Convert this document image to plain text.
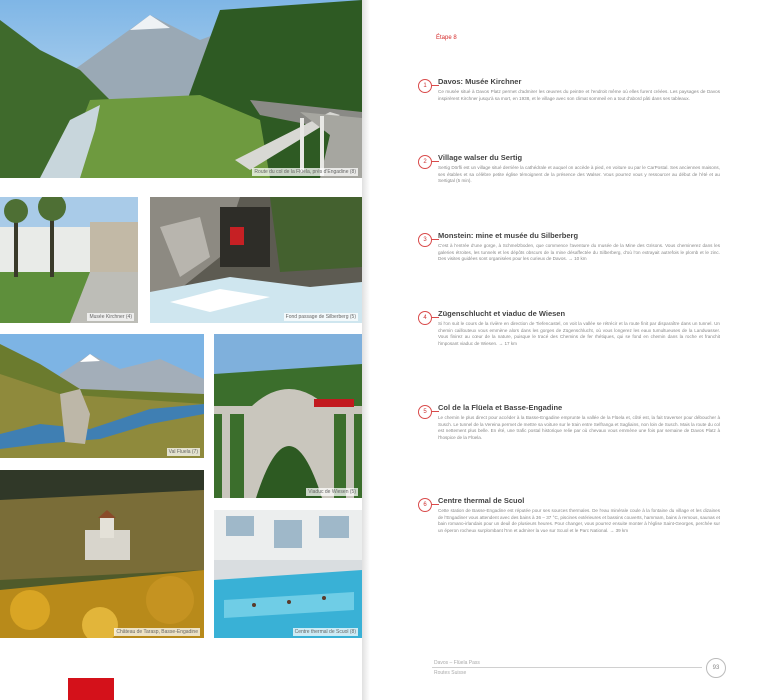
Route du col de la Flüela, près d'Engadine (8)
Musée Kirchner (4)	Fond passage de Silberberg (5)
Val Fluela (7)
Viaduc de Wiesen (5)
Château de Tarasp, Basse-Engadine	Centre thermal de Scuol (8)
Étape 8
1	Davos: Musée Kirchner
Ce musée situé à Davos Platz permet d'admirer les œuvres du peintre et l'endroit même où elles furent créées. Les paysages de Davos inspirèrent Kirchner jusqu'à sa mort, en 1938, et le village avec son climat sommeil en a tout d'abord pâti dans ses tableaux.
2	Village walser du Sertig
Sertig Dörfli est un village situé derrière la cathédrale et auquel on accède à pied, en voiture ou par le CarPostal. Ses anciennes maisons, ses étables et sa célèbre petite église témoignent de la présence des Walser. Vous pourrez vous y ressourcer au début de l'été et au Sertigtal (5 min).
3	Monstein: mine et musée du Silberberg
C'est à l'entrée d'une gorge, à Schmelzboden, que commence l'aventure du musée de la Mine des Grisons. Vous cheminerez dans les galeries étroites, les tunnels et les dépôts obscurs de la mine désaffectée du Silberberg, d'où l'on extrayait autrefois le plomb et le zinc. Des visites guidées sont organisées pour les curieux de Davos. → 10 km
4	Zügenschlucht et viaduc de Wiesen
Si l'on suit le cours de la rivière en direction de Tiefencastel, on voit la vallée se rétrécir et la route finit par disparaître dans un tunnel. Un chemin caillouteux vous emmène alors dans les gorges de Zügenschlucht, où vous longerez les eaux tumultueuses de la Landwasser. Vous finirez au cœur de la nature, puisque le tracé des Chemins de fer rhétiques, qui se fond en chemin dans la roche et franchit l'imposant viaduc de Wiesen. → 17 km
5	Col de la Flüela et Basse-Engadine
Le chemin le plus direct pour accéder à la Basse-Engadine emprunte la vallée de la Flüela et, côté est, la fait traverser pour déboucher à Susch. Le tunnel de la Vereina permet de mettre sa voiture sur le train entre Selfranga et Sagliains, non loin de Susch. Mais la route du col est nettement plus belle. En été, une trafic postal historique relie par où chevaux vous emmène une fois par semaine de Davos Platz à l'hospice de la Flüela.
6	Centre thermal de Scuol
Cette station de Basse-Engadine est réputée pour ses sources thermales. De l'eau minérale coule à la fontaine du village et les dizaines de l'Engadiner vous attendent avec des bains à 36 – 37 °C, piscines extérieures et bassins couverts, hammam, bains à remous, saunas et bain romano-irlandais pour un deuil de plusieurs heures. Pour changer, vous pourrez ensuite monter à l'église Saint-Georges, perchée sur un éperon rocheux surplombant l'Inn et admirer la vue sur Scuol et le Parc National. → 39 km
Davos – Flüela Pass
Routes Suisse
93
